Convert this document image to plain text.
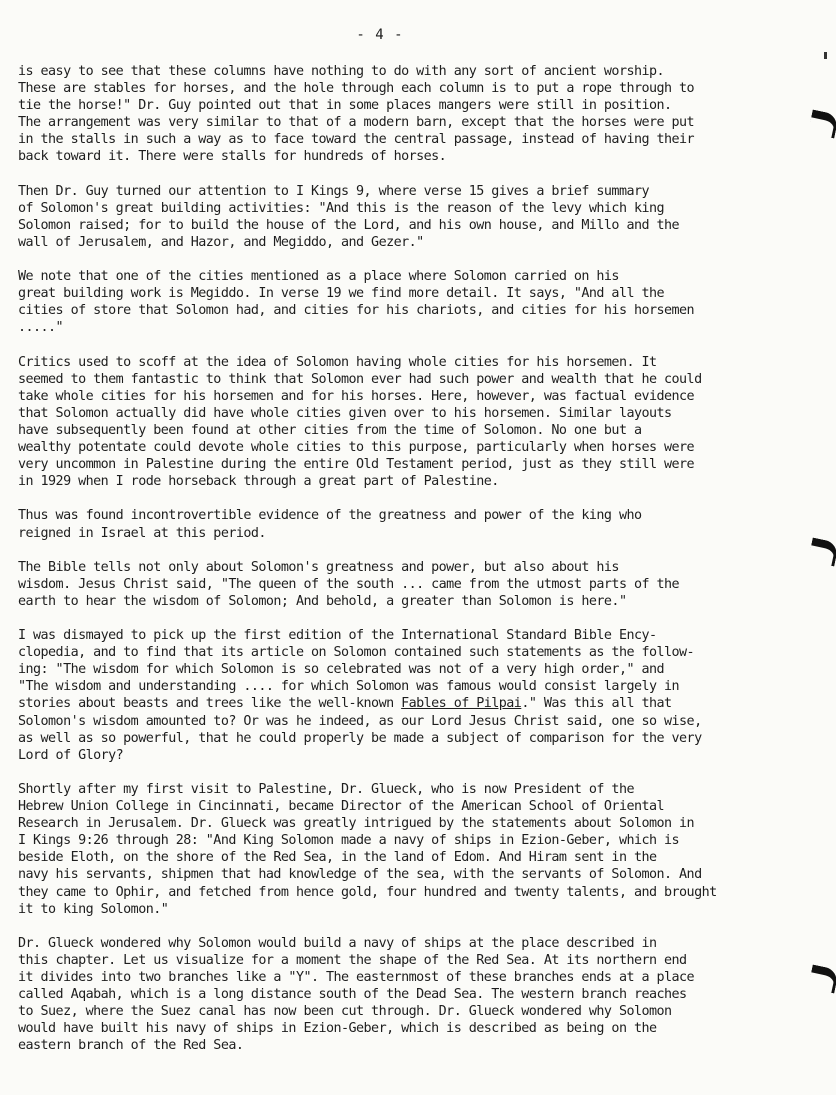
- 4 -

is easy to see that these columns have nothing to do with any sort of ancient worship.
These are stables for horses, and the hole through each column is to put a rope through to
tie the horse!" Dr. Guy pointed out that in some places mangers were still in position.
The arrangement was very similar to that of a modern barn, except that the horses were put
in the stalls in such a way as to face toward the central passage, instead of having their
back toward it. There were stalls for hundreds of horses.

Then Dr. Guy turned our attention to I Kings 9, where verse 15 gives a brief summary
of Solomon's great building activities: "And this is the reason of the levy which king
Solomon raised; for to build the house of the Lord, and his own house, and Millo and the
wall of Jerusalem, and Hazor, and Megiddo, and Gezer."

We note that one of the cities mentioned as a place where Solomon carried on his
great building work is Megiddo. In verse 19 we find more detail. It says, "And all the
cities of store that Solomon had, and cities for his chariots, and cities for his horsemen
....."

Critics used to scoff at the idea of Solomon having whole cities for his horsemen. It
seemed to them fantastic to think that Solomon ever had such power and wealth that he could
take whole cities for his horsemen and for his horses. Here, however, was factual evidence
that Solomon actually did have whole cities given over to his horsemen. Similar layouts
have subsequently been found at other cities from the time of Solomon. No one but a
wealthy potentate could devote whole cities to this purpose, particularly when horses were
very uncommon in Palestine during the entire Old Testament period, just as they still were
in 1929 when I rode horseback through a great part of Palestine.

Thus was found incontrovertible evidence of the greatness and power of the king who
reigned in Israel at this period.

The Bible tells not only about Solomon's greatness and power, but also about his
wisdom. Jesus Christ said, "The queen of the south ... came from the utmost parts of the
earth to hear the wisdom of Solomon; And behold, a greater than Solomon is here."

I was dismayed to pick up the first edition of the International Standard Bible Ency-
clopedia, and to find that its article on Solomon contained such statements as the follow-
ing: "The wisdom for which Solomon is so celebrated was not of a very high order," and
"The wisdom and understanding .... for which Solomon was famous would consist largely in
stories about beasts and trees like the well-known Fables of Pilpai." Was this all that
Solomon's wisdom amounted to? Or was he indeed, as our Lord Jesus Christ said, one so wise,
as well as so powerful, that he could properly be made a subject of comparison for the very
Lord of Glory?

Shortly after my first visit to Palestine, Dr. Glueck, who is now President of the
Hebrew Union College in Cincinnati, became Director of the American School of Oriental
Research in Jerusalem. Dr. Glueck was greatly intrigued by the statements about Solomon in
I Kings 9:26 through 28: "And King Solomon made a navy of ships in Ezion-Geber, which is
beside Eloth, on the shore of the Red Sea, in the land of Edom. And Hiram sent in the
navy his servants, shipmen that had knowledge of the sea, with the servants of Solomon. And
they came to Ophir, and fetched from hence gold, four hundred and twenty talents, and brought
it to king Solomon."

Dr. Glueck wondered why Solomon would build a navy of ships at the place described in
this chapter. Let us visualize for a moment the shape of the Red Sea. At its northern end
it divides into two branches like a "Y". The easternmost of these branches ends at a place
called Aqabah, which is a long distance south of the Dead Sea. The western branch reaches
to Suez, where the Suez canal has now been cut through. Dr. Glueck wondered why Solomon
would have built his navy of ships in Ezion-Geber, which is described as being on the
eastern branch of the Red Sea.
